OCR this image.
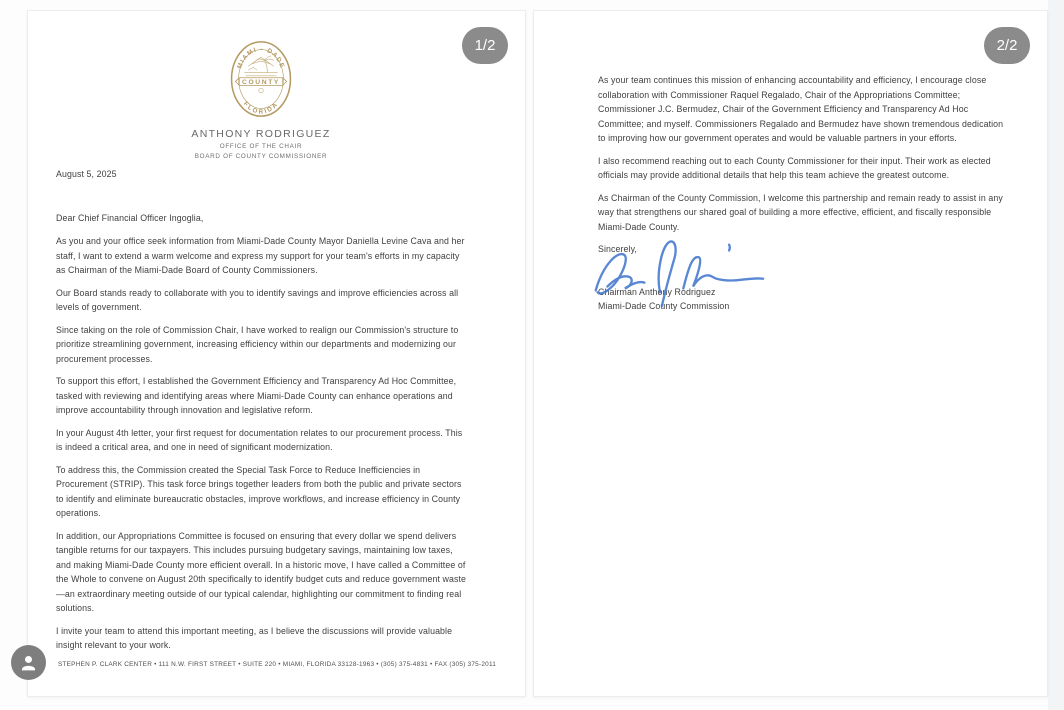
MIAMI - DADE
FLORIDA
COUNTY
ANTHONY RODRIGUEZ
OFFICE OF THE CHAIR
BOARD OF COUNTY COMMISSIONER

August 5, 2025

Dear Chief Financial Officer Ingoglia,

As you and your office seek information from Miami-Dade County Mayor Daniella Levine Cava and her staff, I want to extend a warm welcome and express my support for your team's efforts in my capacity as Chairman of the Miami-Dade Board of County Commissioners.

Our Board stands ready to collaborate with you to identify savings and improve efficiencies across all levels of government.

Since taking on the role of Commission Chair, I have worked to realign our Commission's structure to prioritize streamlining government, increasing efficiency within our departments and modernizing our procurement processes.

To support this effort, I established the Government Efficiency and Transparency Ad Hoc Committee, tasked with reviewing and identifying areas where Miami-Dade County can enhance operations and improve accountability through innovation and legislative reform.

In your August 4th letter, your first request for documentation relates to our procurement process. This is indeed a critical area, and one in need of significant modernization.

To address this, the Commission created the Special Task Force to Reduce Inefficiencies in Procurement (STRIP). This task force brings together leaders from both the public and private sectors to identify and eliminate bureaucratic obstacles, improve workflows, and increase efficiency in County operations.

In addition, our Appropriations Committee is focused on ensuring that every dollar we spend delivers tangible returns for our taxpayers. This includes pursuing budgetary savings, maintaining low taxes, and making Miami-Dade County more efficient overall. In a historic move, I have called a Committee of the Whole to convene on August 20th specifically to identify budget cuts and reduce government waste—an extraordinary meeting outside of our typical calendar, highlighting our commitment to finding real solutions.

I invite your team to attend this important meeting, as I believe the discussions will provide valuable insight relevant to your work.

STEPHEN P. CLARK CENTER • 111 N.W. FIRST STREET • SUITE 220 • MIAMI, FLORIDA 33128-1963 • (305) 375-4831 • FAX (305) 375-2011

As your team continues this mission of enhancing accountability and efficiency, I encourage close collaboration with Commissioner Raquel Regalado, Chair of the Appropriations Committee; Commissioner J.C. Bermudez, Chair of the Government Efficiency and Transparency Ad Hoc Committee; and myself. Commissioners Regalado and Bermudez have shown tremendous dedication to improving how our government operates and would be valuable partners in your efforts.

I also recommend reaching out to each County Commissioner for their input. Their work as elected officials may provide additional details that help this team achieve the greatest outcome.

As Chairman of the County Commission, I welcome this partnership and remain ready to assist in any way that strengthens our shared goal of building a more effective, efficient, and fiscally responsible Miami-Dade County.

Sincerely,

Chairman Anthony Rodriguez
Miami-Dade County Commission
1/2	2/2
